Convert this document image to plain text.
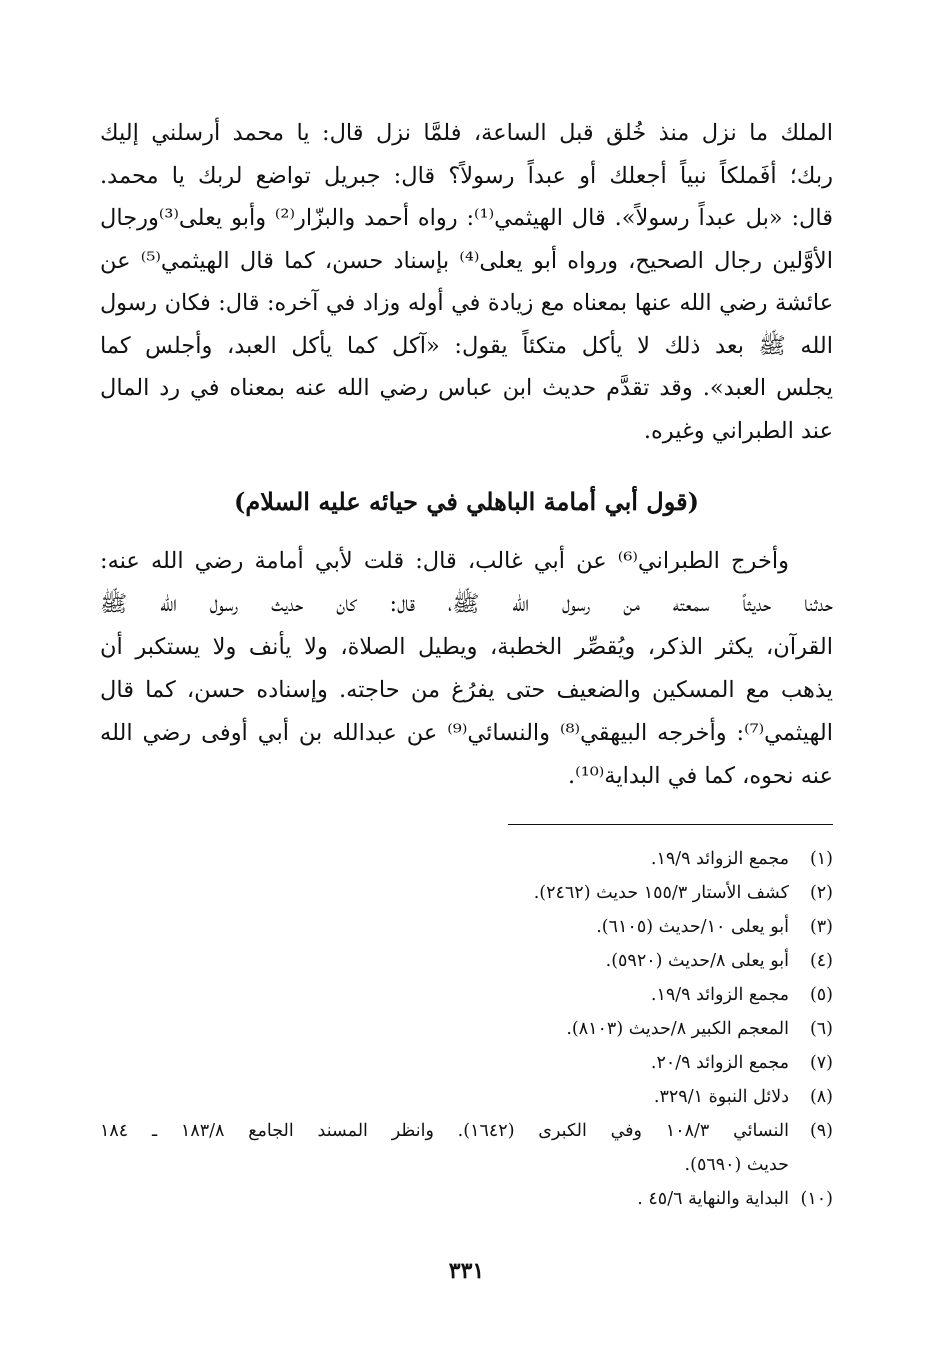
الملك ما نزل منذ خُلق قبل الساعة، فلمَّا نزل قال: يا محمد أرسلني إليك
ربك؛ أفَملكاً نبياً أجعلك أو عبداً رسولاً؟ قال: جبريل تواضع لربك يا محمد.
قال: «بل عبداً رسولاً». قال الهيثمي⁽¹⁾: رواه أحمد والبزّار⁽²⁾ وأبو يعلى⁽³⁾ورجال
الأوَّلين رجال الصحيح، ورواه أبو يعلى⁽⁴⁾ بإسناد حسن، كما قال الهيثمي⁽⁵⁾ عن
عائشة رضي الله عنها بمعناه مع زيادة في أوله وزاد في آخره: قال: فكان رسول
الله ﷺ بعد ذلك لا يأكل متكئاً يقول: «آكل كما يأكل العبد، وأجلس كما
يجلس العبد». وقد تقدَّم حديث ابن عباس رضي الله عنه بمعناه في رد المال
عند الطبراني وغيره.
(قول أبي أمامة الباهلي في حيائه عليه السلام)
وأخرج الطبراني⁽⁶⁾ عن أبي غالب، قال: قلت لأبي أمامة رضي الله عنه:
حدثنا حديثاً سمعته من رسول الله ﷺ، قال: كان حديث رسول الله ﷺ
القرآن، يكثر الذكر، ويُقصِّر الخطبة، ويطيل الصلاة، ولا يأنف ولا يستكبر أن
يذهب مع المسكين والضعيف حتى يفرُغ من حاجته. وإسناده حسن، كما قال
الهيثمي⁽⁷⁾: وأخرجه البيهقي⁽⁸⁾ والنسائي⁽⁹⁾ عن عبدالله بن أبي أوفى رضي الله
عنه نحوه، كما في البداية⁽¹⁰⁾.
(١)
مجمع الزوائد ١٩/٩.
(٢)
كشف الأستار ١٥٥/٣ حديث (٢٤٦٢).
(٣)
أبو يعلى ١٠/حديث (٦١٠٥).
(٤)
أبو يعلى ٨/حديث (٥٩٢٠).
(٥)
مجمع الزوائد ١٩/٩.
(٦)
المعجم الكبير ٨/حديث (٨١٠٣).
(٧)
مجمع الزوائد ٢٠/٩.
(٨)
دلائل النبوة ٣٢٩/١.
(٩)
النسائي ١٠٨/٣ وفي الكبرى (١٦٤٢). وانظر المسند الجامع ١٨٣/٨ ـ ١٨٤
حديث (٥٦٩٠).
(١٠)
البداية والنهاية ٤٥/٦ .
٣٣١
